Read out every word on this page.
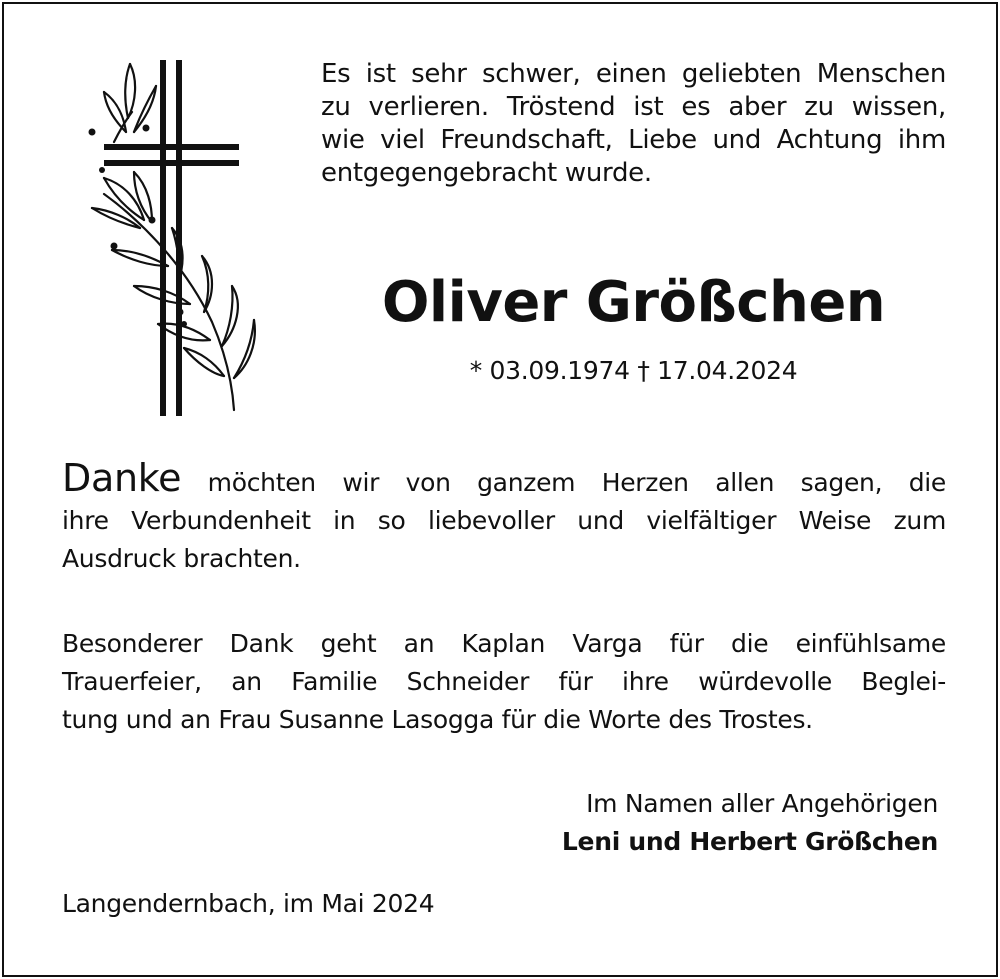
Es ist sehr schwer, einen geliebten Menschen
zu verlieren. Tröstend ist es aber zu wissen,
wie viel Freundschaft, Liebe und Achtung ihm
entgegengebracht wurde.
Oliver Größchen
* 03.09.1974 † 17.04.2024
Danke möchten wir von ganzem Herzen allen sagen, die
ihre Verbundenheit in so liebevoller und vielfältiger Weise zum
Ausdruck brachten.
Besonderer Dank geht an Kaplan Varga für die einfühlsame
Trauerfeier, an Familie Schneider für ihre würdevolle Beglei-
tung und an Frau Susanne Lasogga für die Worte des Trostes.
Im Namen aller Angehörigen
Leni und Herbert Größchen
Langendernbach, im Mai 2024
